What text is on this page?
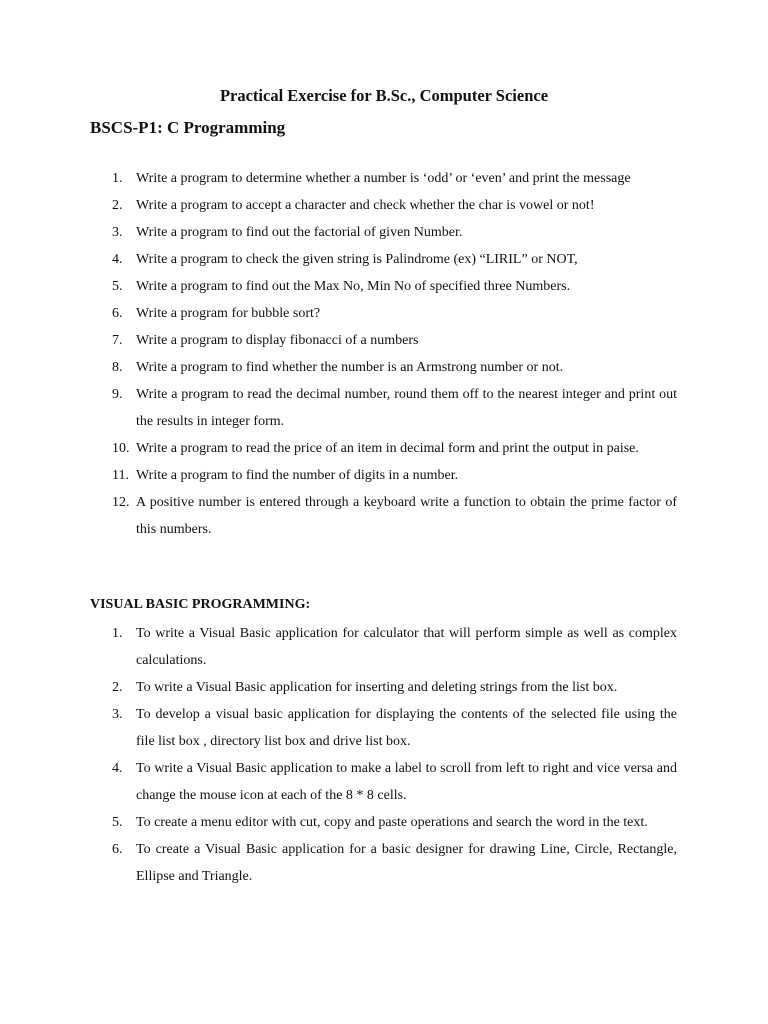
Practical Exercise for B.Sc., Computer Science
BSCS-P1: C Programming
1. Write a program to determine whether a number is ‘odd’ or ‘even’ and print the message
2. Write a program to accept a character and check whether the char is vowel or not!
3. Write a program to find out the factorial of given Number.
4. Write a program to check the given string is Palindrome (ex) “LIRIL” or NOT,
5. Write a program to find out the Max No, Min No of specified three Numbers.
6. Write a program for bubble sort?
7. Write a program to display fibonacci of a numbers
8. Write a program to find whether the number is an Armstrong number or not.
9. Write a program to read the decimal number, round them off to the nearest integer and print out the results in integer form.
10. Write a program to read the price of an item in decimal form and print the output in paise.
11. Write a program to find the number of digits in a number.
12. A positive number is entered through a keyboard write a function to obtain the prime factor of this numbers.
VISUAL BASIC PROGRAMMING:
1. To write a Visual Basic application for calculator that will perform simple as well as complex calculations.
2. To write a Visual Basic application for inserting and deleting strings from the list box.
3. To develop a visual basic application for displaying the contents of the selected file using the file list box , directory list box and drive list box.
4. To write a Visual Basic application to make a label to scroll from left to right and vice versa and change the mouse icon at each of the 8 * 8 cells.
5. To create a menu editor with cut, copy and paste operations and search the word in the text.
6. To create a Visual Basic application for a basic designer for drawing Line, Circle, Rectangle, Ellipse and Triangle.
